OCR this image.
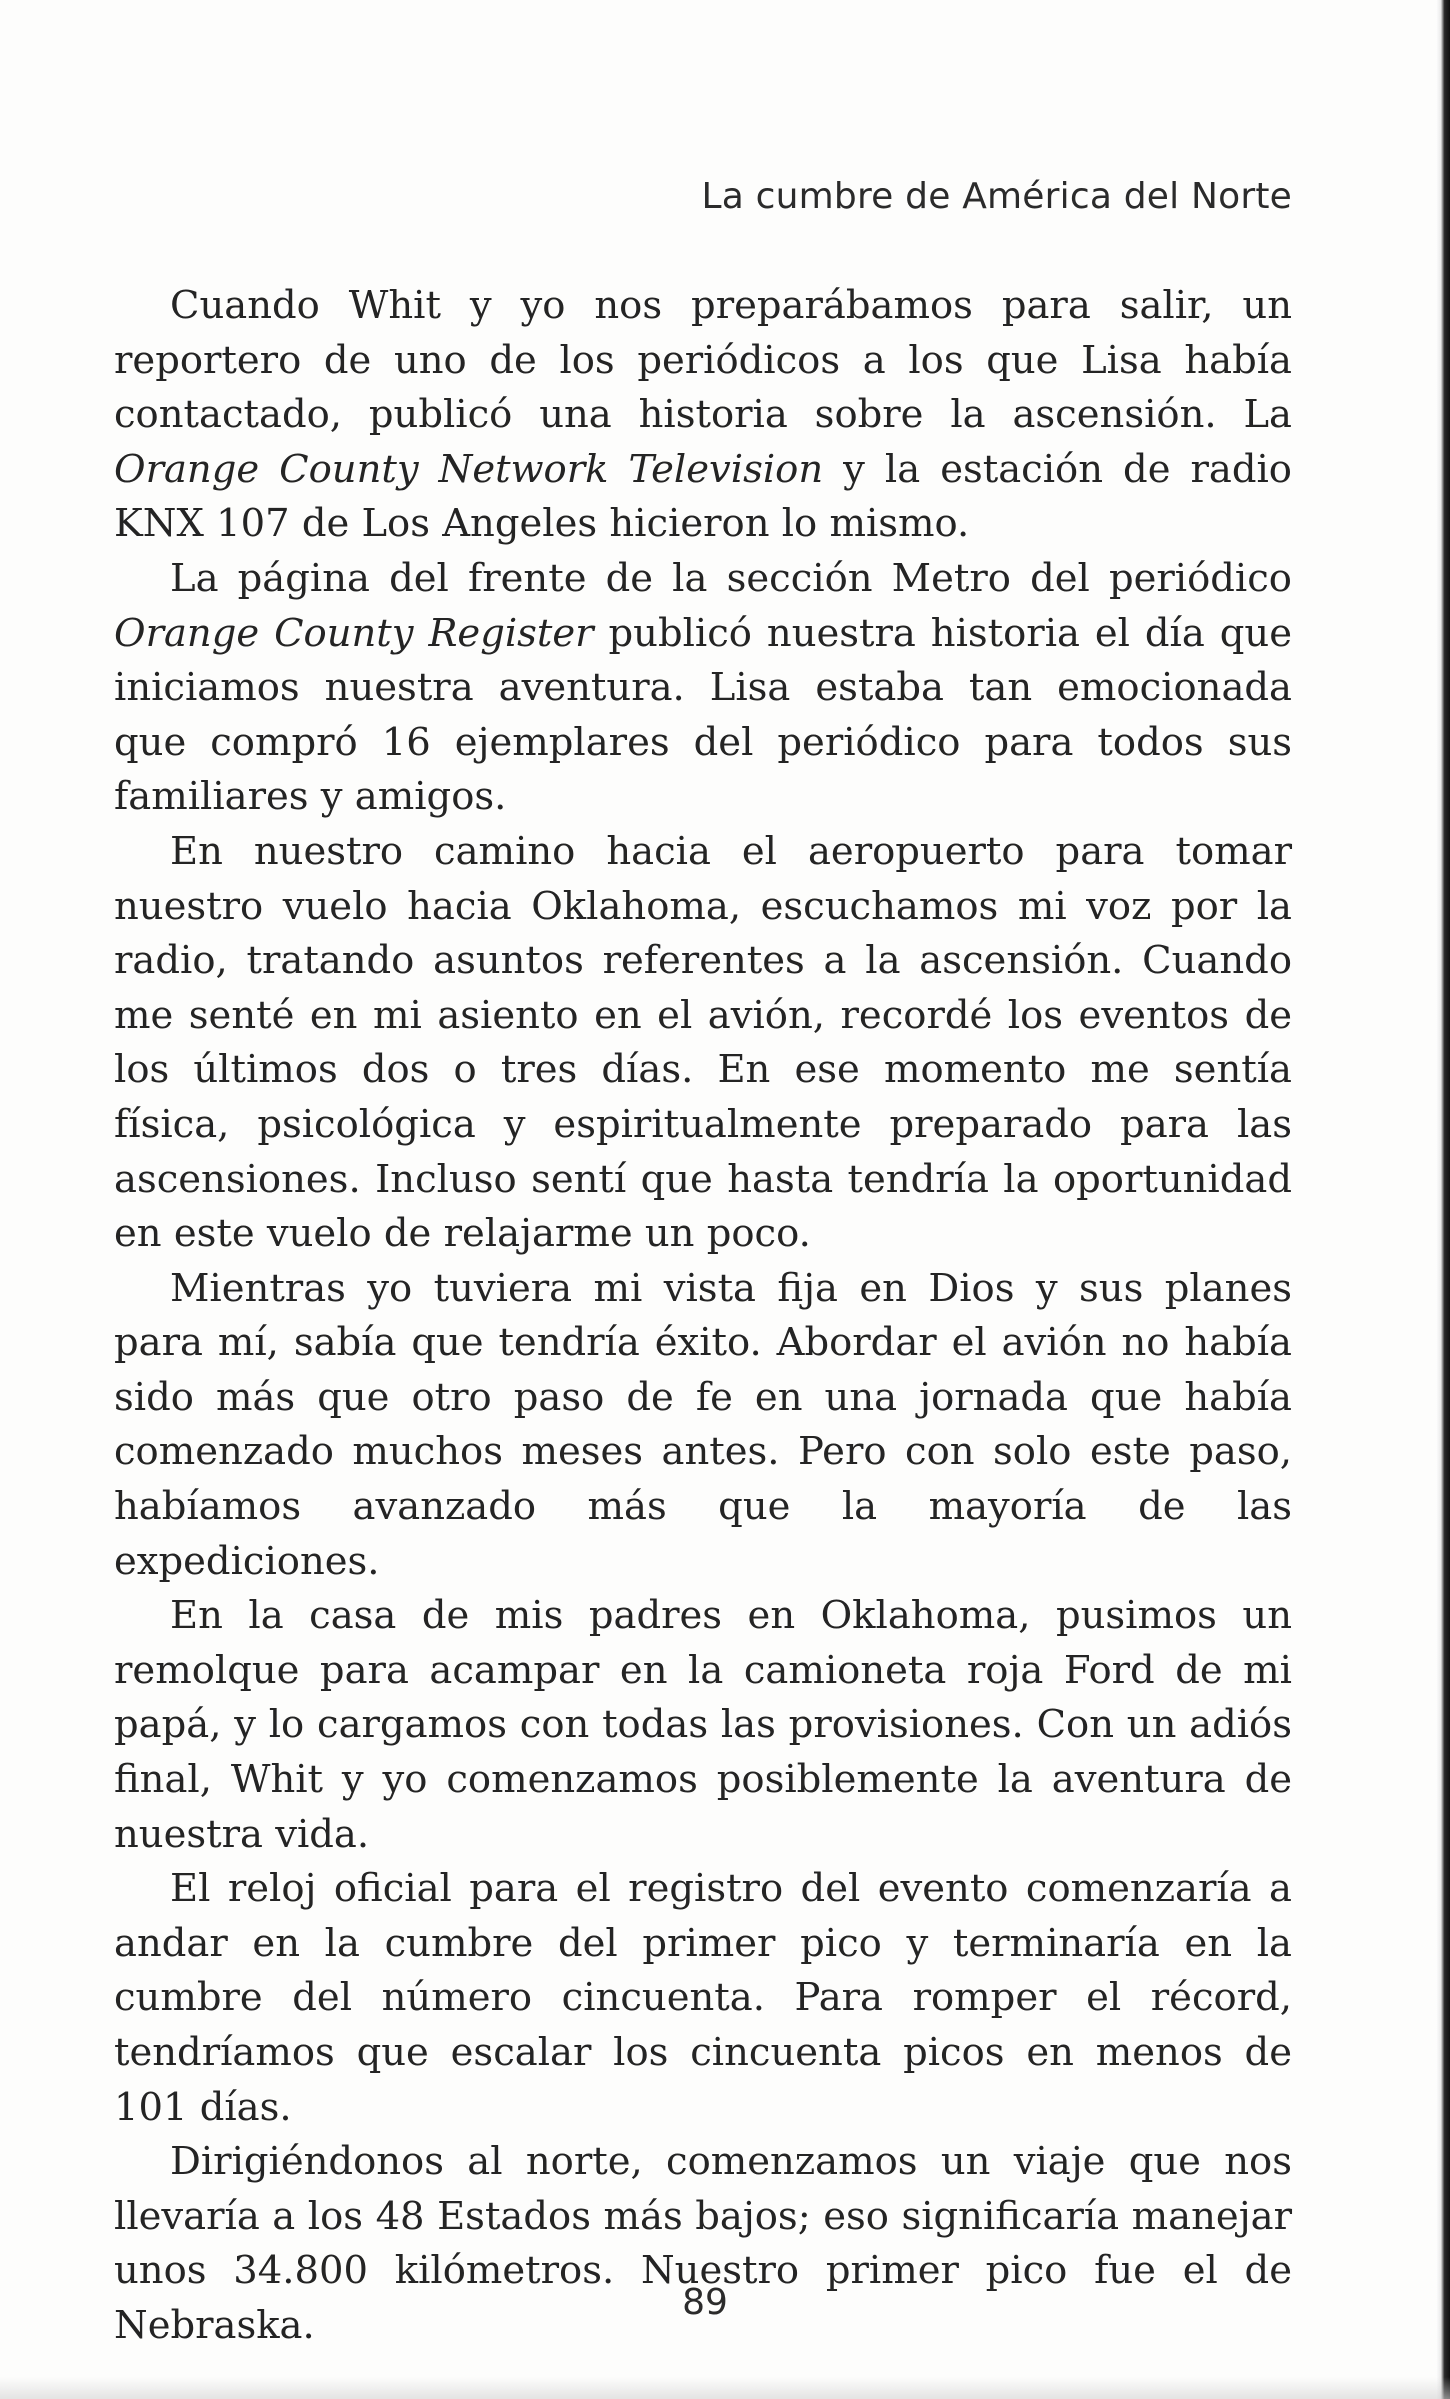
La cumbre de América del Norte

Cuando Whit y yo nos preparábamos para salir, un reportero de uno de los periódicos a los que Lisa había contactado, publicó una historia sobre la ascensión. La Orange County Network Television y la estación de radio KNX 107 de Los Angeles hicieron lo mismo.

La página del frente de la sección Metro del periódico Orange County Register publicó nuestra historia el día que iniciamos nuestra aventura. Lisa estaba tan emocionada que compró 16 ejemplares del periódico para todos sus familiares y amigos.

En nuestro camino hacia el aeropuerto para tomar nuestro vuelo hacia Oklahoma, escuchamos mi voz por la radio, tratando asuntos referentes a la ascensión. Cuando me senté en mi asiento en el avión, recordé los eventos de los últimos dos o tres días. En ese momento me sentía física, psicológica y espiritualmente preparado para las ascensiones. Incluso sentí que hasta tendría la oportunidad en este vuelo de relajarme un poco.

Mientras yo tuviera mi vista fija en Dios y sus planes para mí, sabía que tendría éxito. Abordar el avión no había sido más que otro paso de fe en una jornada que había comenzado muchos meses antes. Pero con solo este paso, habíamos avanzado más que la mayoría de las expediciones.

En la casa de mis padres en Oklahoma, pusimos un remolque para acampar en la camioneta roja Ford de mi papá, y lo cargamos con todas las provisiones. Con un adiós final, Whit y yo comenzamos posiblemente la aventura de nuestra vida.

El reloj oficial para el registro del evento comenzaría a andar en la cumbre del primer pico y terminaría en la cumbre del número cincuenta. Para romper el récord, tendríamos que escalar los cincuenta picos en menos de 101 días.

Dirigiéndonos al norte, comenzamos un viaje que nos llevaría a los 48 Estados más bajos; eso significaría manejar unos 34.800 kilómetros. Nuestro primer pico fue el de Nebraska.

89
